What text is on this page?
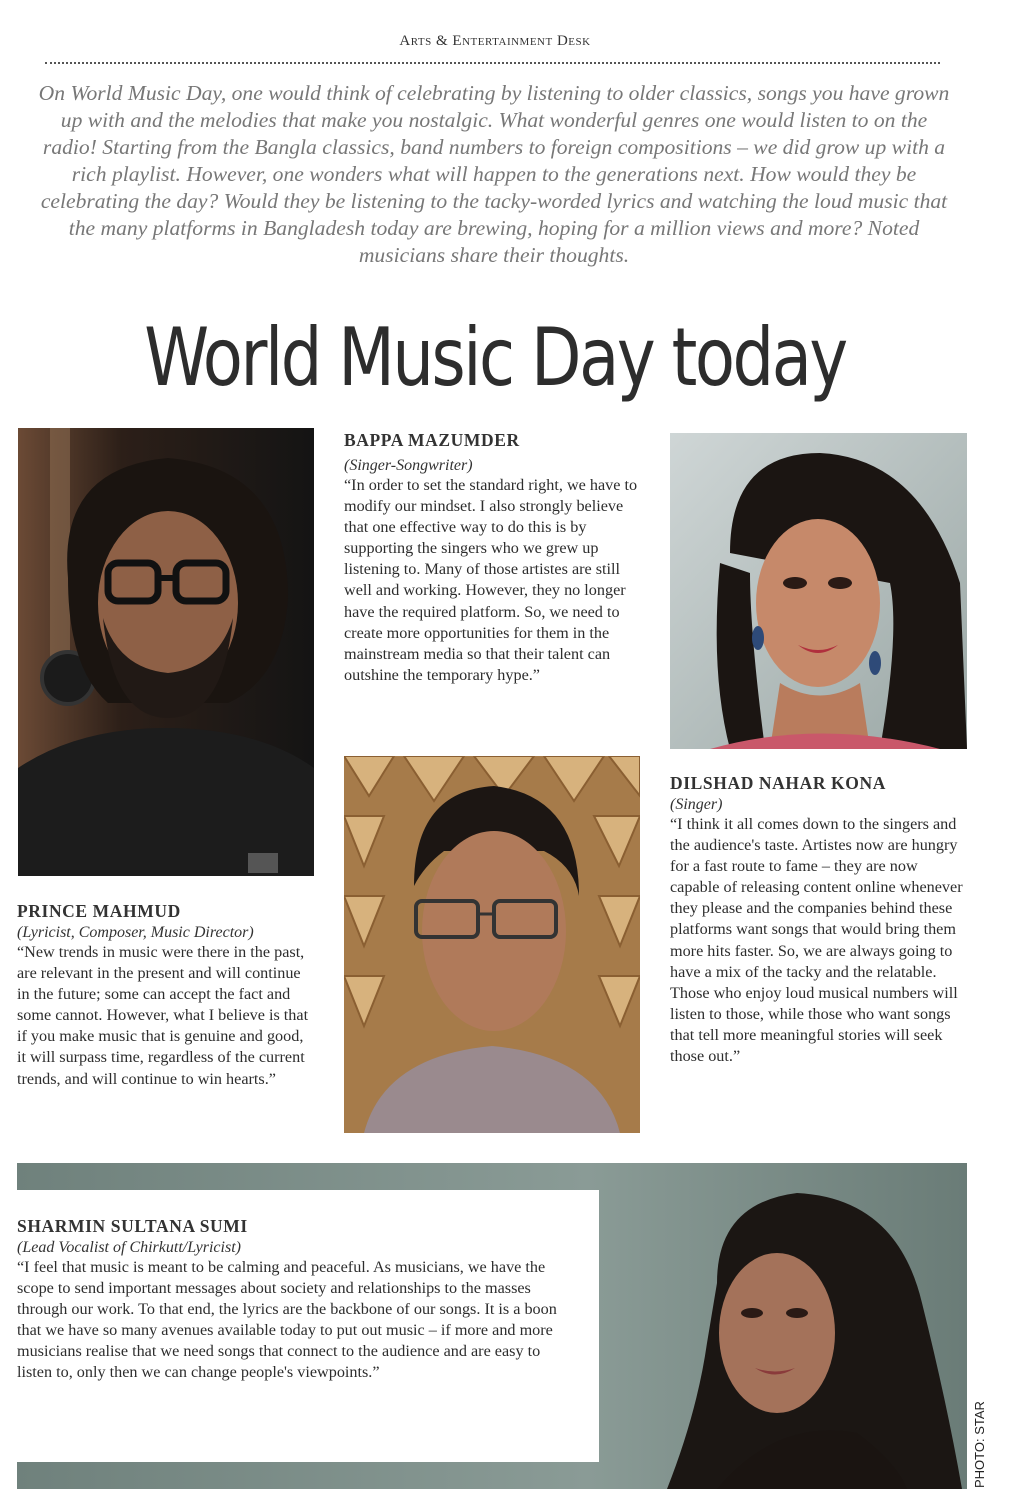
Arts & Entertainment Desk
On World Music Day, one would think of celebrating by listening to older classics, songs you have grown up with and the melodies that make you nostalgic. What wonderful genres one would listen to on the radio! Starting from the Bangla classics, band numbers to foreign compositions – we did grow up with a rich playlist. However, one wonders what will happen to the generations next. How would they be celebrating the day? Would they be listening to the tacky-worded lyrics and watching the loud music that the many platforms in Bangladesh today are brewing, hoping for a million views and more? Noted musicians share their thoughts.
World Music Day today
BAPPA MAZUMDER
(Singer-Songwriter)
“In order to set the standard right, we have to modify our mindset. I also strongly believe that one effective way to do this is by supporting the singers who we grew up listening to. Many of those artistes are still well and working. However, they no longer have the required platform. So, we need to create more opportunities for them in the mainstream media so that their talent can outshine the temporary hype.”
PRINCE MAHMUD
(Lyricist, Composer, Music Director)
“New trends in music were there in the past, are relevant in the present and will continue in the future; some can accept the fact and some cannot. However, what I believe is that if you make music that is genuine and good, it will surpass time, regardless of the current trends, and will continue to win hearts.”
DILSHAD NAHAR KONA
(Singer)
“I think it all comes down to the singers and the audience's taste. Artistes now are hungry for a fast route to fame – they are now capable of releasing content online whenever they please and the companies behind these platforms want songs that would bring them more hits faster. So, we are always going to have a mix of the tacky and the relatable. Those who enjoy loud musical numbers will listen to those, while those who want songs that tell more meaningful stories will seek those out.”
SHARMIN SULTANA SUMI
(Lead Vocalist of Chirkutt/Lyricist)
“I feel that music is meant to be calming and peaceful. As musicians, we have the scope to send important messages about society and relationships to the masses through our work. To that end, the lyrics are the backbone of our songs. It is a boon that we have so many avenues available today to put out music – if more and more musicians realise that we need songs that connect to the audience and are easy to listen to, only then we can change people's viewpoints.”
PHOTO: STAR
